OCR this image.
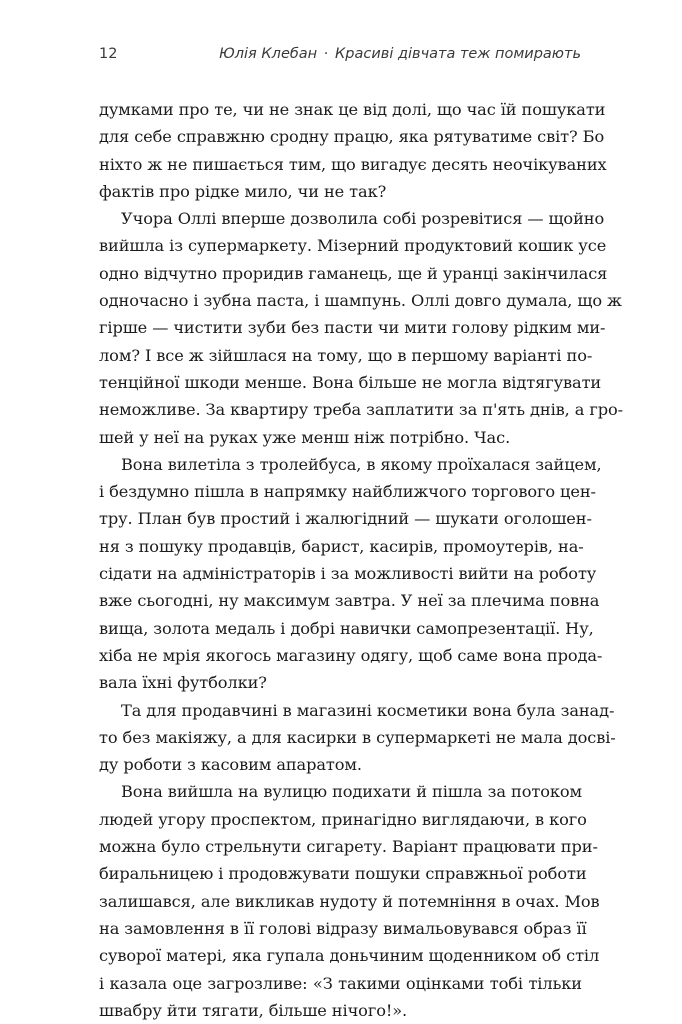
12	Юлія Клебан · Красиві дівчата теж помирають
думками про те, чи не знак це від долі, що час їй пошукати
для себе справжню сродну працю, яка рятуватиме світ? Бо
ніхто ж не пишається тим, що вигадує десять неочікуваних
фактів про рідке мило, чи не так?
Учора Оллі вперше дозволила собі розревітися — щойно
вийшла із супермаркету. Мізерний продуктовий кошик усе
одно відчутно проридив гаманець, ще й уранці закінчилася
одночасно і зубна паста, і шампунь. Оллі довго думала, що ж
гірше — чистити зуби без пасти чи мити голову рідким ми-
лом? І все ж зійшлася на тому, що в першому варіанті по-
тенційної шкоди менше. Вона більше не могла відтягувати
неможливе. За квартиру треба заплатити за п'ять днів, а гро-
шей у неї на руках уже менш ніж потрібно. Час.
Вона вилетіла з тролейбуса, в якому проїхалася зайцем,
і бездумно пішла в напрямку найближчого торгового цен-
тру. План був простий і жалюгідний — шукати оголошен-
ня з пошуку продавців, барист, касирів, промоутерів, на-
сідати на адміністраторів і за можливості вийти на роботу
вже сьогодні, ну максимум завтра. У неї за плечима повна
вища, золота медаль і добрі навички самопрезентації. Ну,
хіба не мрія якогось магазину одягу, щоб саме вона прода-
вала їхні футболки?
Та для продавчині в магазині косметики вона була занад-
то без макіяжу, а для касирки в супермаркеті не мала досві-
ду роботи з касовим апаратом.
Вона вийшла на вулицю подихати й пішла за потоком
людей угору проспектом, принагідно виглядаючи, в кого
можна було стрельнути сигарету. Варіант працювати при-
биральницею і продовжувати пошуки справжньої роботи
залишався, але викликав нудоту й потемніння в очах. Мов
на замовлення в її голові відразу вимальовувався образ її
суворої матері, яка гупала доньчиним щоденником об стіл
і казала оце загрозливе: «З такими оцінками тобі тільки
швабру йти тягати, більше нічого!».
